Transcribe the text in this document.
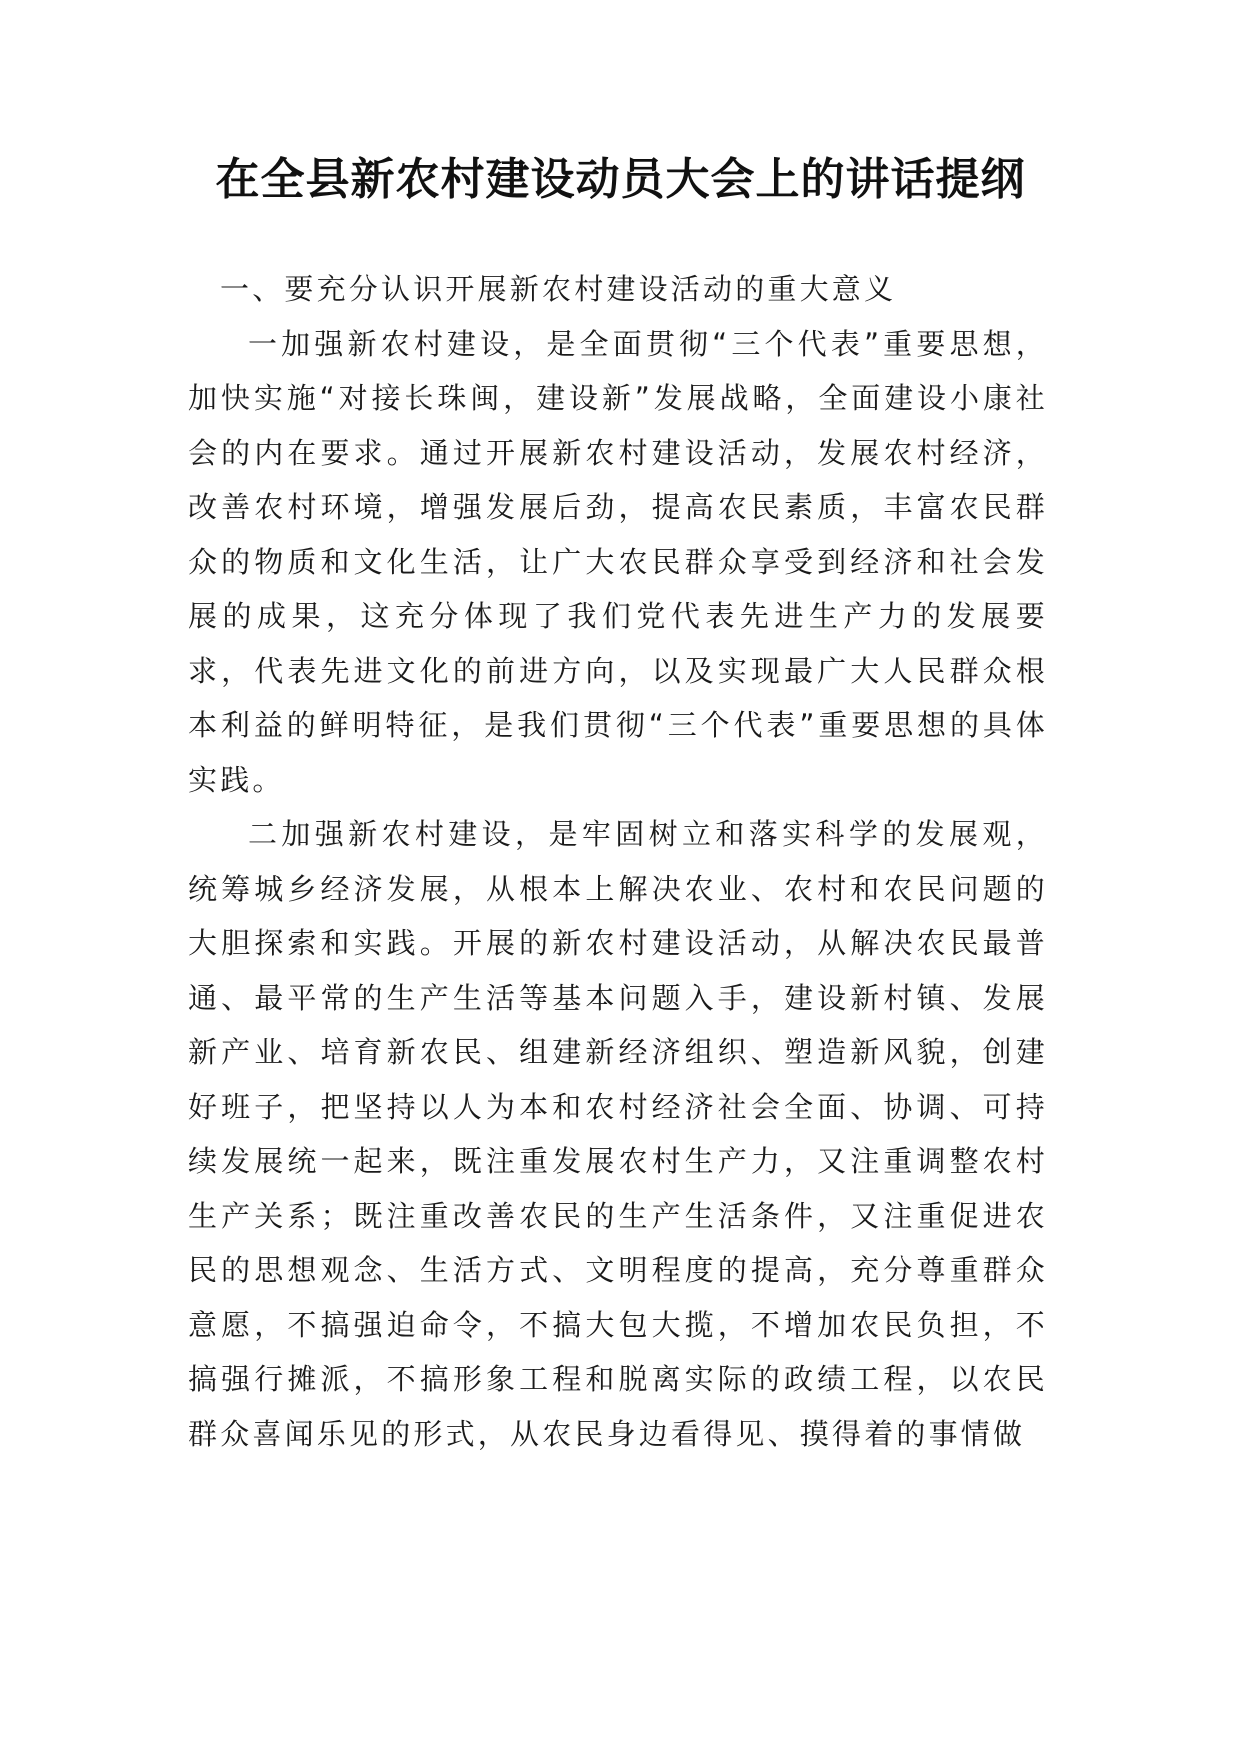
在全县新农村建设动员大会上的讲话提纲

一、要充分认识开展新农村建设活动的重大意义

一加强新农村建设，是全面贯彻“三个代表”重要思想，加快实施“对接长珠闽，建设新”发展战略，全面建设小康社会的内在要求。通过开展新农村建设活动，发展农村经济，改善农村环境，增强发展后劲，提高农民素质，丰富农民群众的物质和文化生活，让广大农民群众享受到经济和社会发展的成果，这充分体现了我们党代表先进生产力的发展要求，代表先进文化的前进方向，以及实现最广大人民群众根本利益的鲜明特征，是我们贯彻“三个代表”重要思想的具体实践。

二加强新农村建设，是牢固树立和落实科学的发展观，统筹城乡经济发展，从根本上解决农业、农村和农民问题的大胆探索和实践。开展的新农村建设活动，从解决农民最普通、最平常的生产生活等基本问题入手，建设新村镇、发展新产业、培育新农民、组建新经济组织、塑造新风貌，创建好班子，把坚持以人为本和农村经济社会全面、协调、可持续发展统一起来，既注重发展农村生产力，又注重调整农村生产关系；既注重改善农民的生产生活条件，又注重促进农民的思想观念、生活方式、文明程度的提高，充分尊重群众意愿，不搞强迫命令，不搞大包大揽，不增加农民负担，不搞强行摊派，不搞形象工程和脱离实际的政绩工程，以农民群众喜闻乐见的形式，从农民身边看得见、摸得着的事情做
